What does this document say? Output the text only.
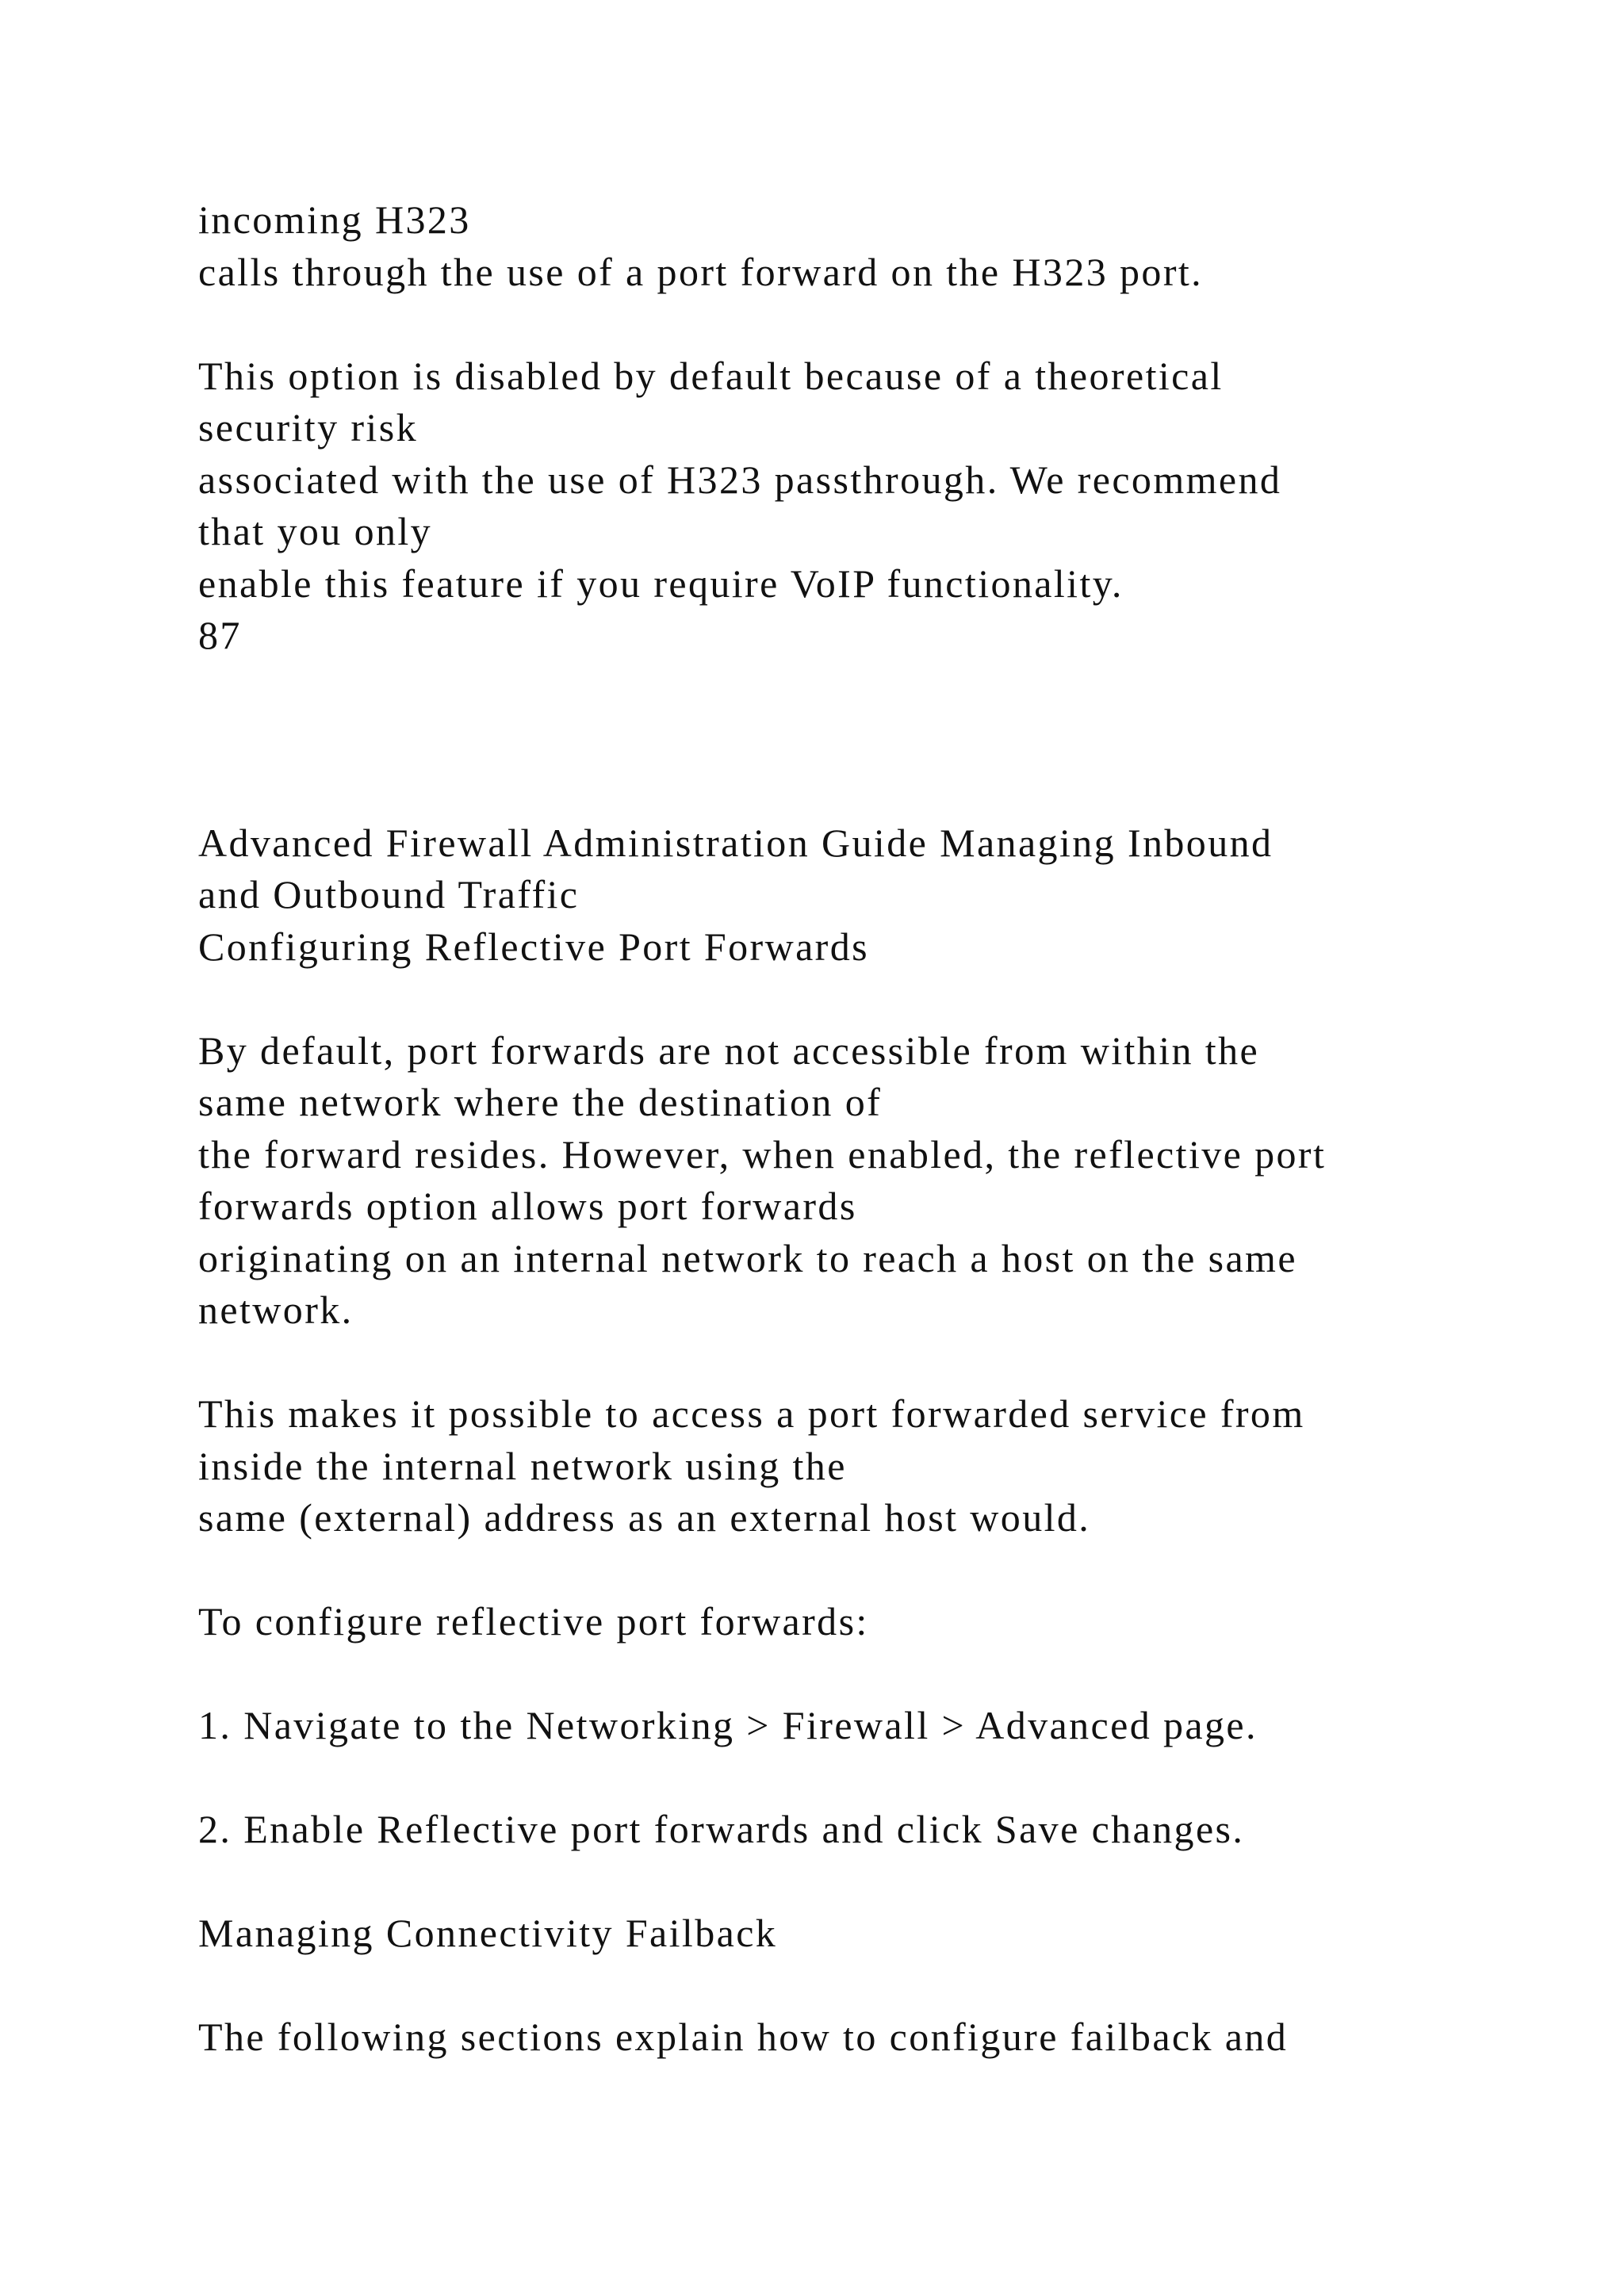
incoming H323
calls through the use of a port forward on the H323 port.
This option is disabled by default because of a theoretical
security risk
associated with the use of H323 passthrough. We recommend
that you only
enable this feature if you require VoIP functionality.
87
Advanced Firewall Administration Guide Managing Inbound
and Outbound Traffic
Configuring Reflective Port Forwards
By default, port forwards are not accessible from within the
same network where the destination of
the forward resides. However, when enabled, the reflective port
forwards option allows port forwards
originating on an internal network to reach a host on the same
network.
This makes it possible to access a port forwarded service from
inside the internal network using the
same (external) address as an external host would.
To configure reflective port forwards:
1. Navigate to the Networking > Firewall > Advanced page.
2. Enable Reflective port forwards and click Save changes.
Managing Connectivity Failback
The following sections explain how to configure failback and
